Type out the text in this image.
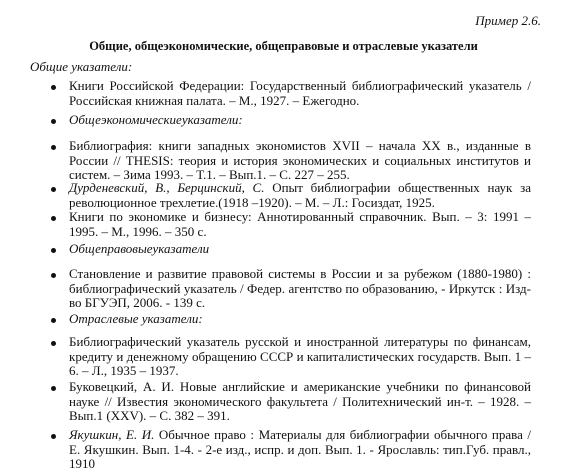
Пример 2.6.
Общие, общеэкономические, общеправовые и отраслевые указатели
Общие указатели:
Книги Российской Федерации: Государственный библиографический указатель / Российская книжная палата. – М., 1927. – Ежегодно.
Общеэкономическиеуказатели:
Библиография: книги западных экономистов XVII – начала XX в., изданные в России // THESIS: теория и история экономических и социальных институтов и систем. – Зима 1993. – Т.1. – Вып.1. – С. 227 – 255.
Дурденевский, В., Берцинский, С. Опыт библиографии общественных наук за революционное трехлетие.(1918 –1920). – М. – Л.: Госиздат, 1925.
Книги по экономике и бизнесу: Аннотированный справочник. Вып. – 3: 1991 – 1995. – М., 1996. – 350 с.
Общеправовыеуказатели
Становление и развитие правовой системы в России и за рубежом (1880-1980) : библиографический указатель / Федер. агентство по образованию, - Иркутск : Изд-во БГУЭП, 2006. - 139 с.
Отраслевые указатели:
Библиографический указатель русской и иностранной литературы по финансам, кредиту и денежному обращению СССР и капиталистических государств. Вып. 1 – 6. – Л., 1935 – 1937.
Буковецкий, А. И. Новые английские и американские учебники по финансовой науке // Известия экономического факультета / Политехнический ин-т. – 1928. – Вып.1 (XXV). – С. 382 – 391.
Якушкин, Е. И. Обычное право : Материалы для библиографии обычного права / Е. Якушкин. Вып. 1-4. - 2-е изд., испр. и доп. Вып. 1. - Ярославль: тип.Губ. правл., 1910
